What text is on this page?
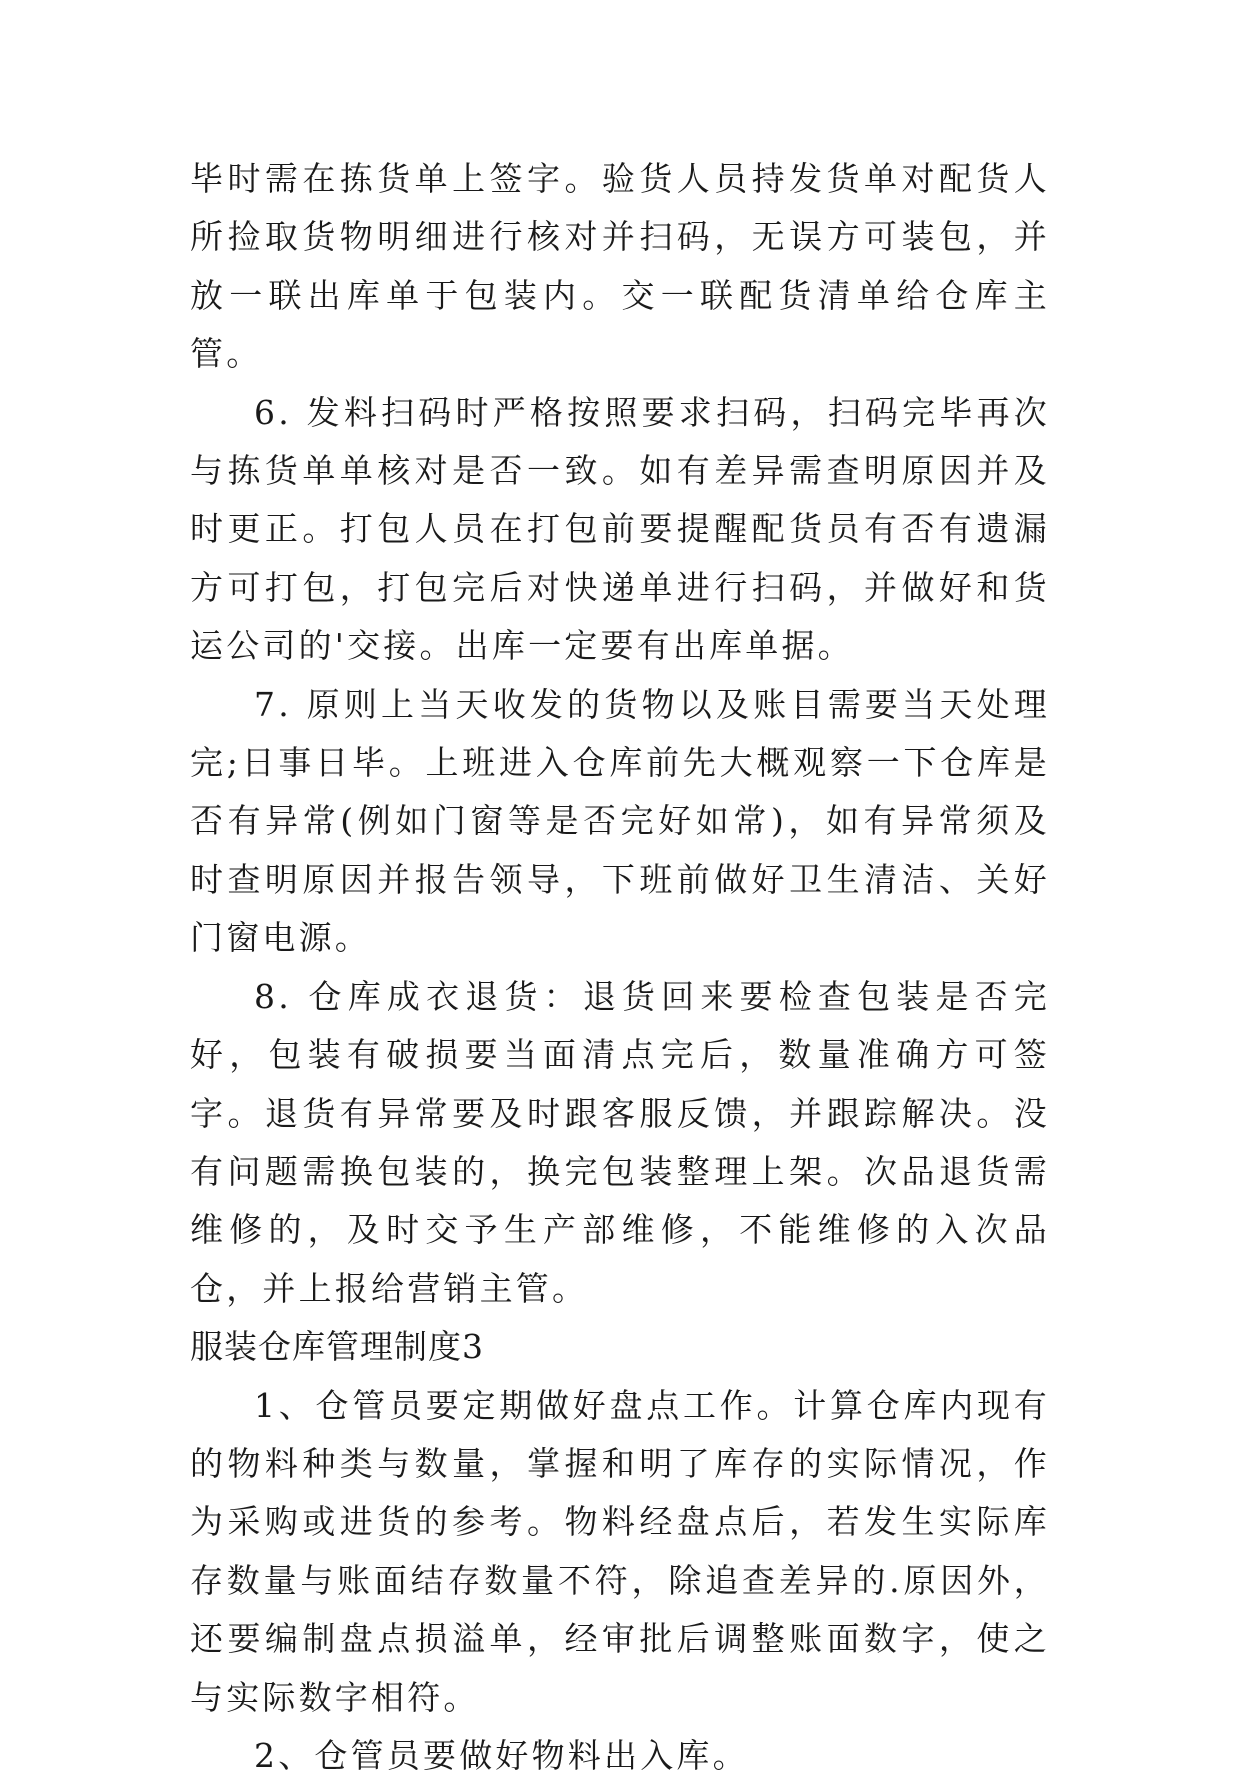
毕时需在拣货单上签字。验货人员持发货单对配货人所捡取货物明细进行核对并扫码，无误方可装包，并放一联出库单于包装内。交一联配货清单给仓库主管。

6. 发料扫码时严格按照要求扫码，扫码完毕再次与拣货单单核对是否一致。如有差异需查明原因并及时更正。打包人员在打包前要提醒配货员有否有遗漏方可打包，打包完后对快递单进行扫码，并做好和货运公司的'交接。出库一定要有出库单据。

7. 原则上当天收发的货物以及账目需要当天处理完;日事日毕。上班进入仓库前先大概观察一下仓库是否有异常(例如门窗等是否完好如常)，如有异常须及时查明原因并报告领导，下班前做好卫生清洁、关好门窗电源。

8. 仓库成衣退货：退货回来要检查包装是否完好，包装有破损要当面清点完后，数量准确方可签字。退货有异常要及时跟客服反馈，并跟踪解决。没有问题需换包装的，换完包装整理上架。次品退货需维修的，及时交予生产部维修，不能维修的入次品仓，并上报给营销主管。

服装仓库管理制度3

1、仓管员要定期做好盘点工作。计算仓库内现有的物料种类与数量，掌握和明了库存的实际情况，作为采购或进货的参考。物料经盘点后，若发生实际库存数量与账面结存数量不符，除追查差异的.原因外，还要编制盘点损溢单，经审批后调整账面数字，使之与实际数字相符。

2、仓管员要做好物料出入库。
